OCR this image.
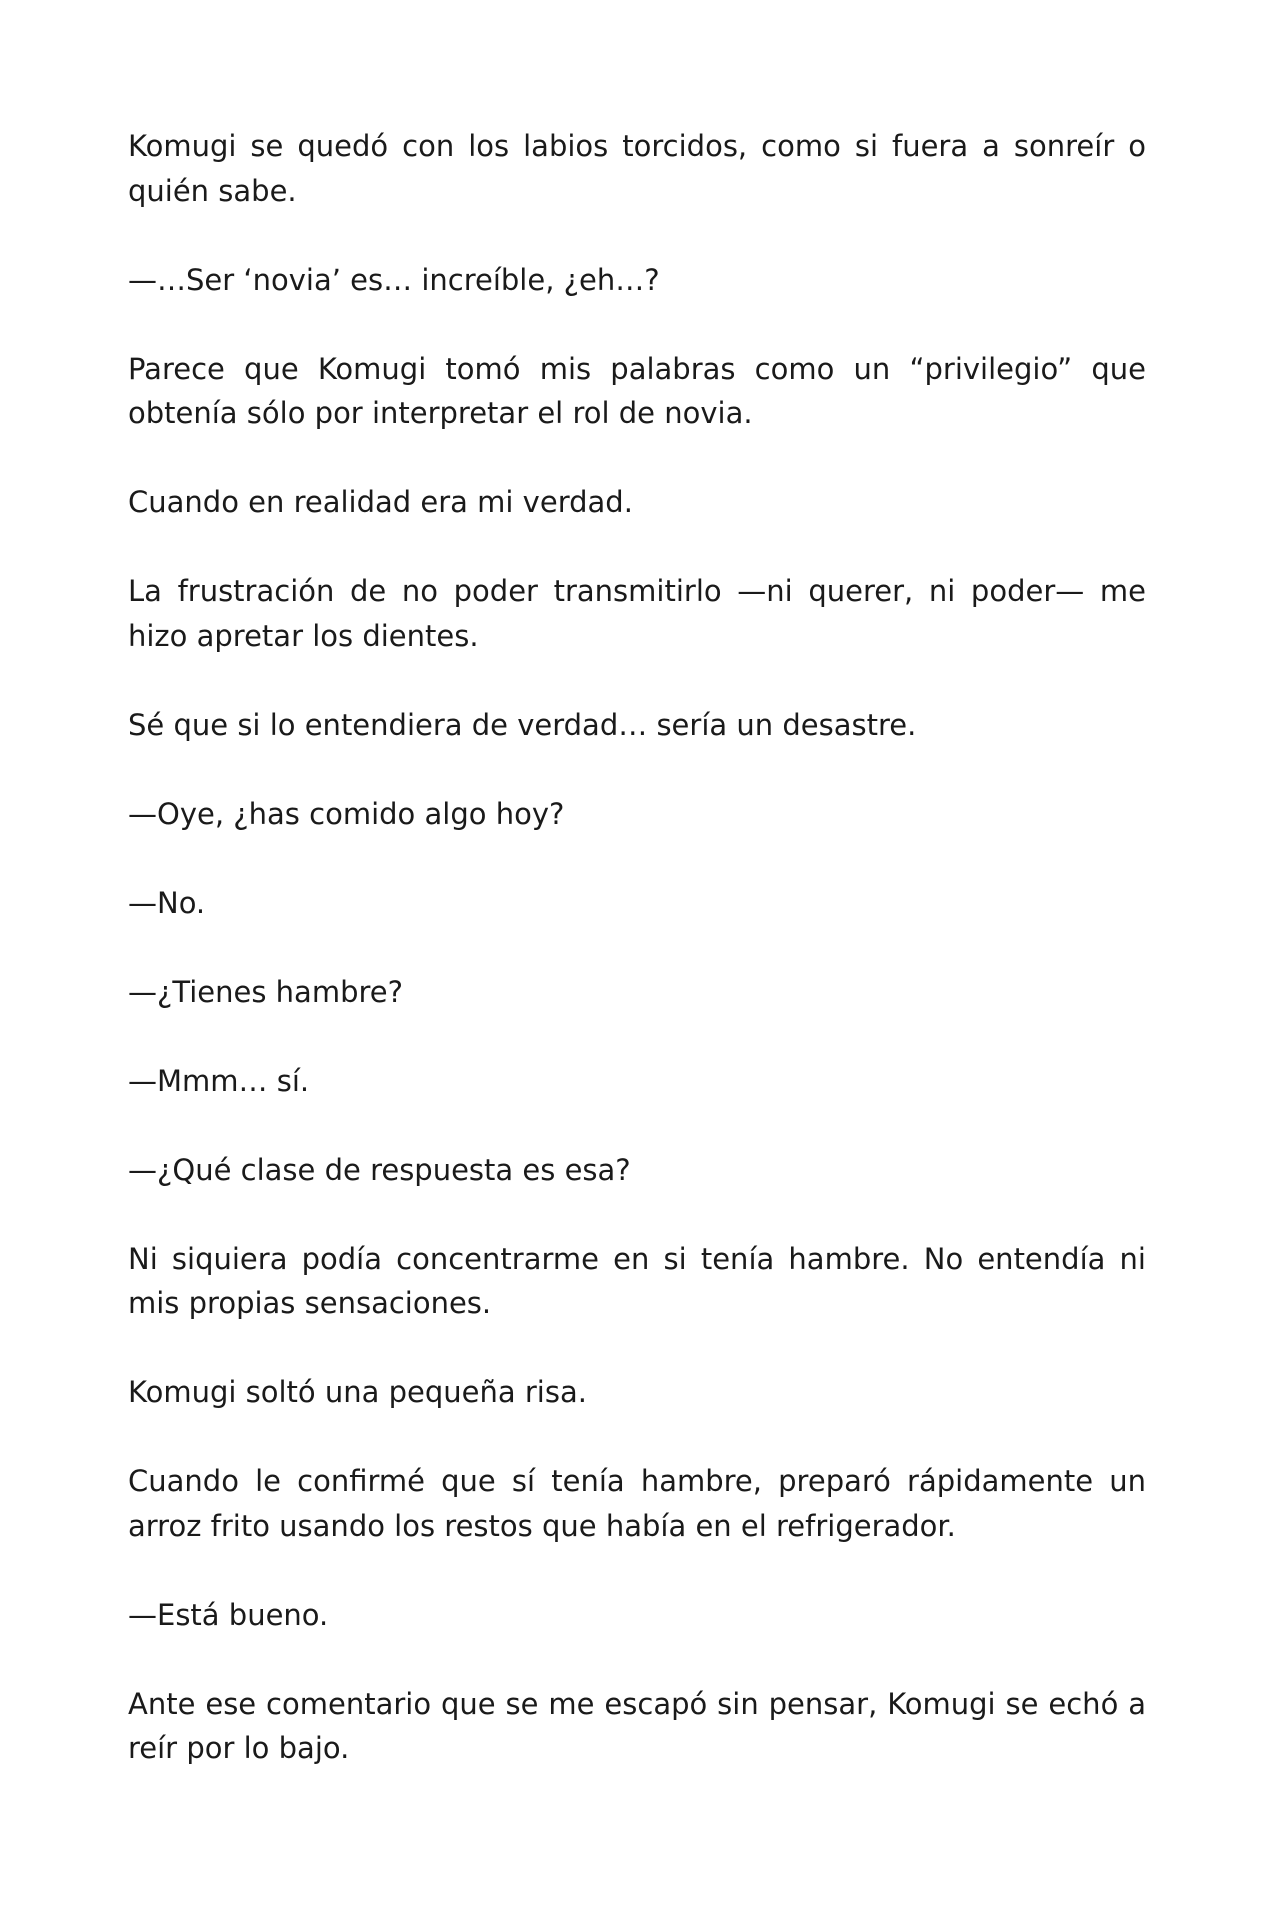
Komugi se quedó con los labios torcidos, como si fuera a sonreír o quién sabe.

—…Ser ‘novia’ es… increíble, ¿eh…?

Parece que Komugi tomó mis palabras como un “privilegio” que obtenía sólo por interpretar el rol de novia.

Cuando en realidad era mi verdad.

La frustración de no poder transmitirlo —ni querer, ni poder— me hizo apretar los dientes.

Sé que si lo entendiera de verdad… sería un desastre.

—Oye, ¿has comido algo hoy?

—No.

—¿Tienes hambre?

—Mmm… sí.

—¿Qué clase de respuesta es esa?

Ni siquiera podía concentrarme en si tenía hambre. No entendía ni mis propias sensaciones.

Komugi soltó una pequeña risa.

Cuando le confirmé que sí tenía hambre, preparó rápidamente un arroz frito usando los restos que había en el refrigerador.

—Está bueno.

Ante ese comentario que se me escapó sin pensar, Komugi se echó a reír por lo bajo.
